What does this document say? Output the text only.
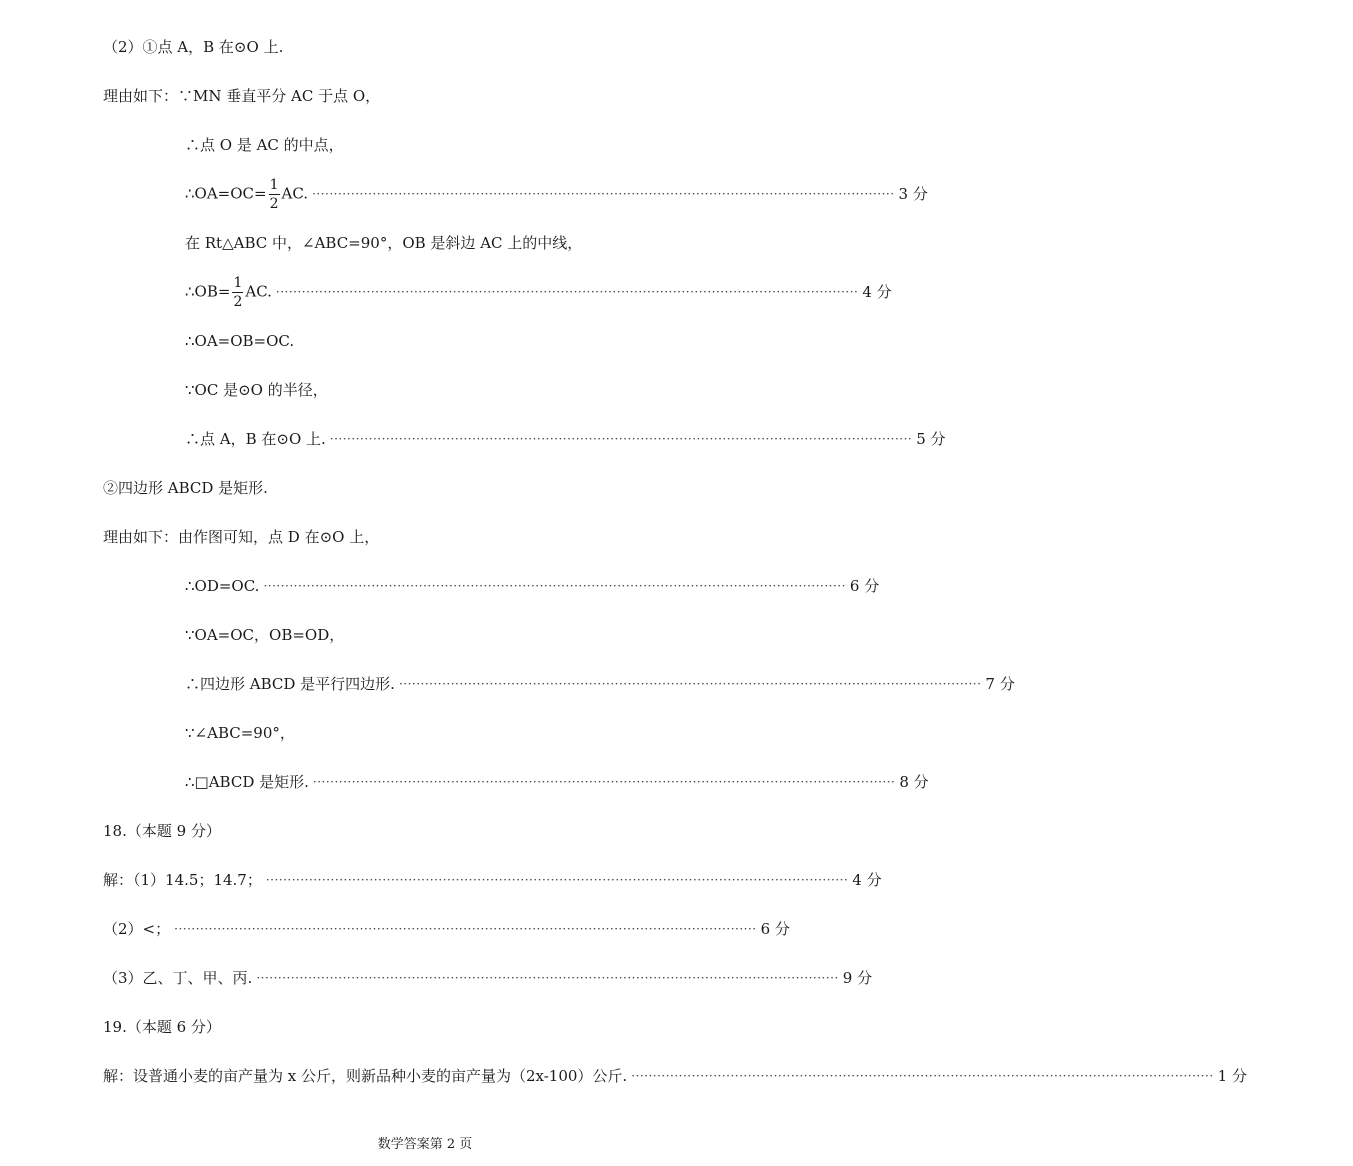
（2）①点 A，B 在⊙O 上.
理由如下：∵MN 垂直平分 AC 于点 O，
∴点 O 是 AC 的中点，
∴OA=OC= $\frac{1}{2}$ AC. ······································································································································· 3 分
在 Rt△ABC 中，∠ABC=90°，OB 是斜边 AC 上的中线，
∴OB= $\frac{1}{2}$ AC. ······································································································································· 4 分
∴OA=OB=OC.
∵OC 是⊙O 的半径，
∴点 A，B 在⊙O 上. ······································································································································· 5 分
②四边形 ABCD 是矩形.
理由如下：由作图可知，点 D 在⊙O 上，
∴OD=OC. ······································································································································· 6 分
∵OA=OC，OB=OD，
∴四边形 ABCD 是平行四边形. ······································································································································· 7 分
∵∠ABC=90°，
∴□ABCD 是矩形. ······································································································································· 8 分
18.（本题 9 分）
解：（1）14.5；14.7； ······································································································································· 4 分
（2）<； ······································································································································· 6 分
（3）乙、丁、甲、丙. ······································································································································· 9 分
19.（本题 6 分）
解：设普通小麦的亩产量为 x 公斤，则新品种小麦的亩产量为（2x-100）公斤. ······································································································································· 1 分
数学答案第 2 页
